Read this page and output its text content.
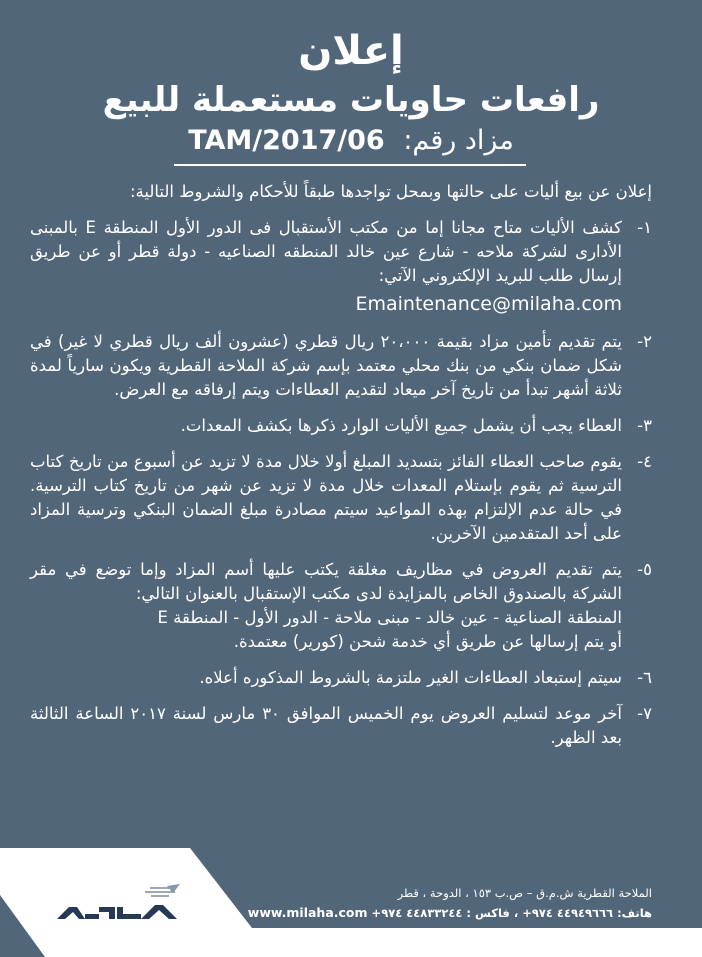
إعلان
رافعات حاويات مستعملة للبيع
مزاد رقم: TAM/2017/06

إعلان عن بيع أليات على حالتها وبمحل تواجدها طبقاً للأحكام والشروط التالية:

١-

كشف الأليات متاح مجانا إما من مكتب الأستقبال فى الدور الأول المنطقة E بالمبنى الأدارى لشركة ملاحه - شارع عين خالد المنطقه الصناعيه - دولة قطر أو عن طريق إرسال طلب للبريد الإلكتروني الآتي:

Emaintenance@milaha.com
٢-

يتم تقديم تأمين مزاد بقيمة ٢٠،٠٠٠ ريال قطري (عشرون ألف ريال قطري لا غير) في شكل ضمان بنكي من بنك محلي معتمد بإسم شركة الملاحة القطرية ويكون سارياً لمدة ثلاثة أشهر تبدأ من تاريخ آخر ميعاد لتقديم العطاءات ويتم إرفاقه مع العرض.

٣-

العطاء يجب أن يشمل جميع الأليات الوارد ذكرها بكشف المعدات.

٤-

يقوم صاحب العطاء الفائز بتسديد المبلغ أولا خلال مدة لا تزيد عن أسبوع من تاريخ كتاب الترسية ثم يقوم بإستلام المعدات خلال مدة لا تزيد عن شهر من تاريخ كتاب الترسية. في حالة عدم الإلتزام بهذه المواعيد سيتم مصادرة مبلغ الضمان البنكي وترسية المزاد على أحد المتقدمين الآخرين.

٥-

يتم تقديم العروض في مظاريف مغلقة يكتب عليها أسم المزاد وإما توضع في مقر الشركة بالصندوق الخاص بالمزايدة لدى مكتب الإستقبال بالعنوان التالي:

المنطقة الصناعية - عين خالد - مبنى ملاحة - الدور الأول - المنطقة E

أو يتم إرسالها عن طريق أي خدمة شحن (كورير) معتمدة.

٦-

سيتم إستبعاد العطاءات الغير ملتزمة بالشروط المذكوره أعلاه.

٧-

آخر موعد لتسليم العروض يوم الخميس الموافق ٣٠ مارس لسنة ٢٠١٧ الساعة الثالثة بعد الظهر.

الملاحة القطرية ش.م.ق – ص.ب ١٥٣ ، الدوحة ، قطر
هاتف: ٤٤٩٤٩٦٦٦ ٩٧٤+ ، فاكس : ٤٤٨٣٣٢٤٤ ٩٧٤+ www.milaha.com
